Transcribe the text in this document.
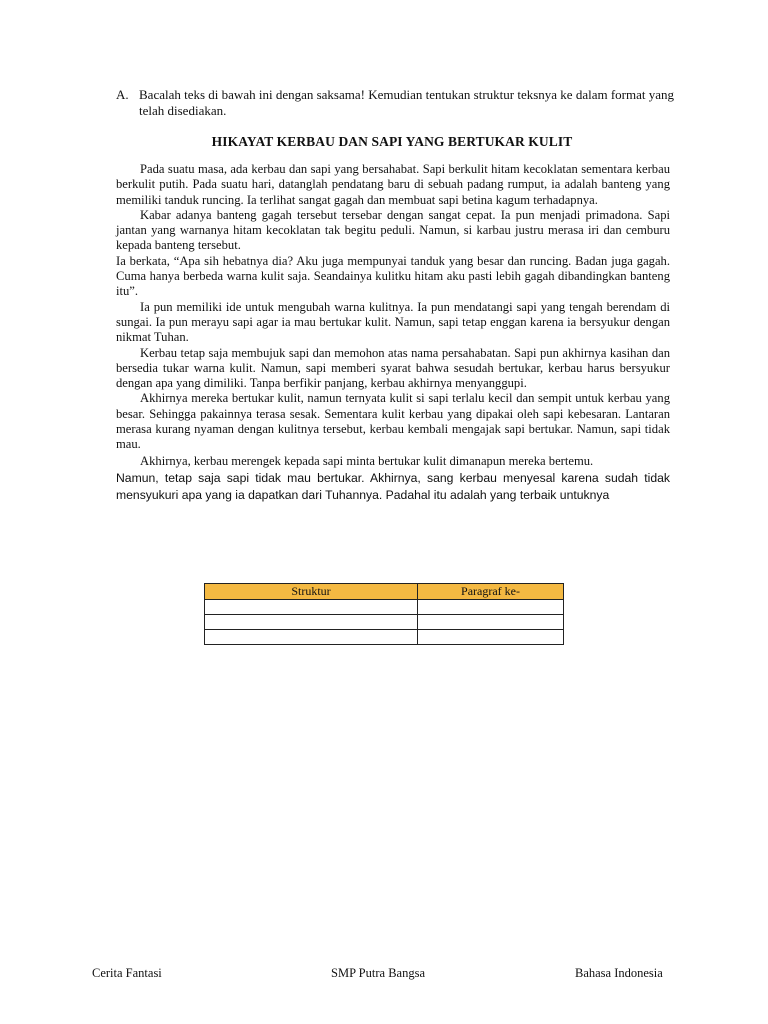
A. Bacalah teks di bawah ini dengan saksama! Kemudian tentukan struktur teksnya ke dalam format yang telah disediakan.
HIKAYAT KERBAU DAN SAPI YANG BERTUKAR KULIT

Pada suatu masa, ada kerbau dan sapi yang bersahabat. Sapi berkulit hitam kecoklatan sementara kerbau berkulit putih. Pada suatu hari, datanglah pendatang baru di sebuah padang rumput, ia adalah banteng yang memiliki tanduk runcing. Ia terlihat sangat gagah dan membuat sapi betina kagum terhadapnya.

Kabar adanya banteng gagah tersebut tersebar dengan sangat cepat. Ia pun menjadi primadona. Sapi jantan yang warnanya hitam kecoklatan tak begitu peduli. Namun, si karbau justru merasa iri dan cemburu kepada banteng tersebut.

Ia berkata, “Apa sih hebatnya dia? Aku juga mempunyai tanduk yang besar dan runcing. Badan juga gagah. Cuma hanya berbeda warna kulit saja. Seandainya kulitku hitam aku pasti lebih gagah dibandingkan banteng itu”.

Ia pun memiliki ide untuk mengubah warna kulitnya. Ia pun mendatangi sapi yang tengah berendam di sungai. Ia pun merayu sapi agar ia mau bertukar kulit. Namun, sapi tetap enggan karena ia bersyukur dengan nikmat Tuhan.

Kerbau tetap saja membujuk sapi dan memohon atas nama persahabatan. Sapi pun akhirnya kasihan dan bersedia tukar warna kulit. Namun, sapi memberi syarat bahwa sesudah bertukar, kerbau harus bersyukur dengan apa yang dimiliki. Tanpa berfikir panjang, kerbau akhirnya menyanggupi.

Akhirnya mereka bertukar kulit, namun ternyata kulit si sapi terlalu kecil dan sempit untuk kerbau yang besar. Sehingga pakainnya terasa sesak. Sementara kulit kerbau yang dipakai oleh sapi kebesaran. Lantaran merasa kurang nyaman dengan kulitnya tersebut, kerbau kembali mengajak sapi bertukar. Namun, sapi tidak mau.

Akhirnya, kerbau merengek kepada sapi minta bertukar kulit dimanapun mereka bertemu.

Namun, tetap saja sapi tidak mau bertukar. Akhirnya, sang kerbau menyesal karena sudah tidak mensyukuri apa yang ia dapatkan dari Tuhannya. Padahal itu adalah yang terbaik untuknya

Struktur	Paragraf ke-

Cerita Fantasi	SMP Putra Bangsa	Bahasa Indonesia
